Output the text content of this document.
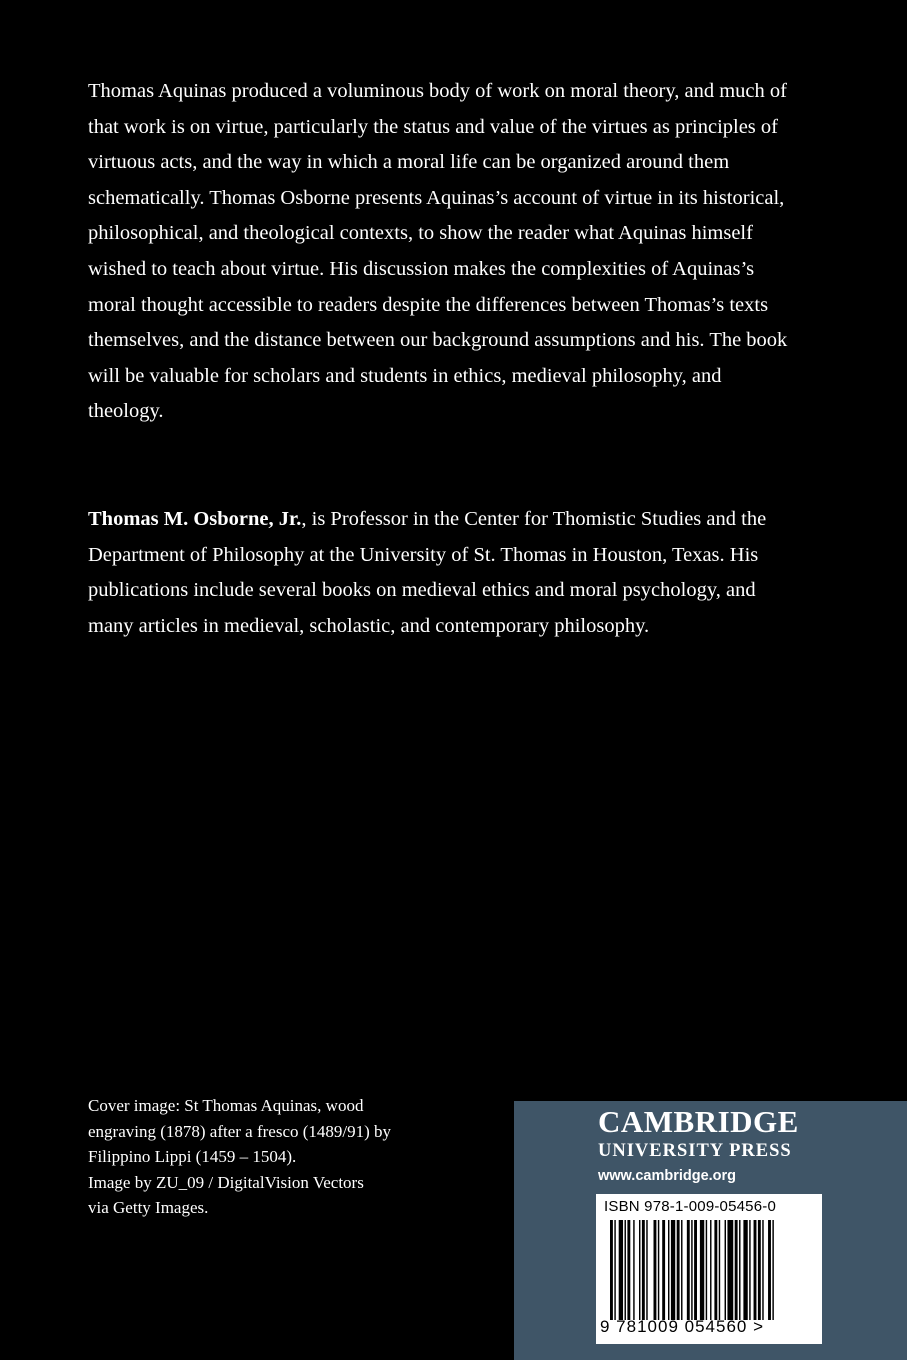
Thomas Aquinas produced a voluminous body of work on moral theory, and much of that work is on virtue, particularly the status and value of the virtues as principles of virtuous acts, and the way in which a moral life can be organized around them schematically. Thomas Osborne presents Aquinas’s account of virtue in its historical, philosophical, and theological contexts, to show the reader what Aquinas himself wished to teach about virtue. His discussion makes the complexities of Aquinas’s moral thought accessible to readers despite the differences between Thomas’s texts themselves, and the distance between our background assumptions and his. The book will be valuable for scholars and students in ethics, medieval philosophy, and theology.

Thomas M. Osborne, Jr., is Professor in the Center for Thomistic Studies and the Department of Philosophy at the University of St. Thomas in Houston, Texas. His publications include several books on medieval ethics and moral psychology, and many articles in medieval, scholastic, and contemporary philosophy.

Cover image: St Thomas Aquinas, wood
engraving (1878) after a fresco (1489/91) by
Filippino Lippi (1459 – 1504).
Image by ZU_09 / DigitalVision Vectors
via Getty Images.
CAMBRIDGE
UNIVERSITY PRESS
www.cambridge.org
ISBN 978-1-009-05456-0
9 781009 054560 >
